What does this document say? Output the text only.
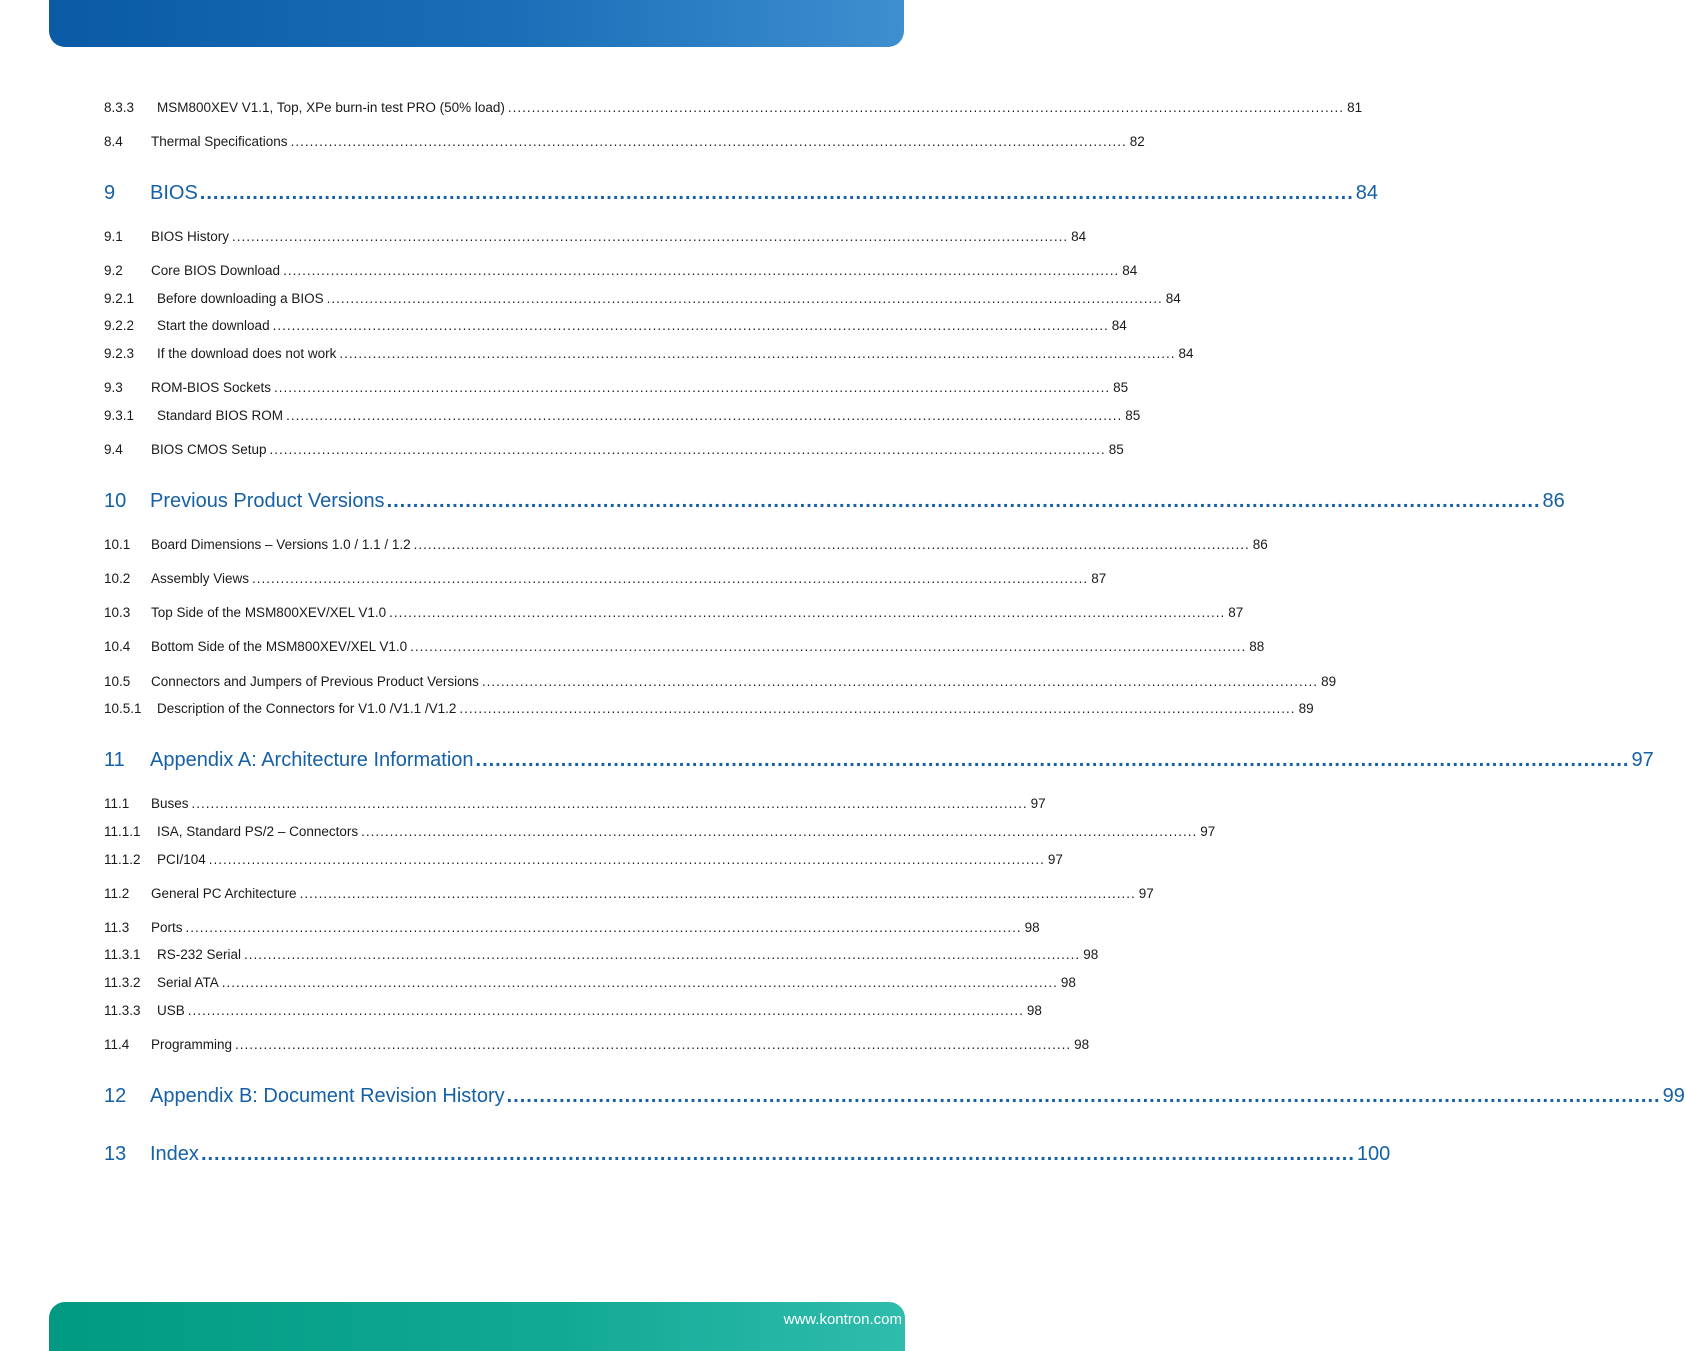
8.3.3	MSM800XEV V1.1, Top, XPe burn-in test PRO (50% load) ................................................................................................................................................................................ 81
8.4	Thermal Specifications ................................................................................................................................................................................ 82
9	BIOS ................................................................................................................................................................................ 84
9.1	BIOS History ................................................................................................................................................................................ 84
9.2	Core BIOS Download ................................................................................................................................................................................ 84
9.2.1	Before downloading a BIOS ................................................................................................................................................................................ 84
9.2.2	Start the download ................................................................................................................................................................................ 84
9.2.3	If the download does not work ................................................................................................................................................................................ 84
9.3	ROM-BIOS Sockets ................................................................................................................................................................................ 85
9.3.1	Standard BIOS ROM ................................................................................................................................................................................ 85
9.4	BIOS CMOS Setup ................................................................................................................................................................................ 85
10	Previous Product Versions ................................................................................................................................................................................ 86
10.1	Board Dimensions – Versions 1.0 / 1.1 / 1.2 ................................................................................................................................................................................ 86
10.2	Assembly Views ................................................................................................................................................................................ 87
10.3	Top Side of the MSM800XEV/XEL V1.0 ................................................................................................................................................................................ 87
10.4	Bottom Side of the MSM800XEV/XEL V1.0 ................................................................................................................................................................................ 88
10.5	Connectors and Jumpers of Previous Product Versions ................................................................................................................................................................................ 89
10.5.1	Description of the Connectors for V1.0 /V1.1 /V1.2 ................................................................................................................................................................................ 89
11	Appendix A: Architecture Information ................................................................................................................................................................................ 97
11.1	Buses ................................................................................................................................................................................ 97
11.1.1	ISA, Standard PS/2 – Connectors ................................................................................................................................................................................ 97
11.1.2	PCI/104 ................................................................................................................................................................................ 97
11.2	General PC Architecture ................................................................................................................................................................................ 97
11.3	Ports ................................................................................................................................................................................ 98
11.3.1	RS-232 Serial ................................................................................................................................................................................ 98
11.3.2	Serial ATA ................................................................................................................................................................................ 98
11.3.3	USB ................................................................................................................................................................................ 98
11.4	Programming ................................................................................................................................................................................ 98
12	Appendix B: Document Revision History ................................................................................................................................................................................ 99
13	Index ................................................................................................................................................................................ 100
www.kontron.com
